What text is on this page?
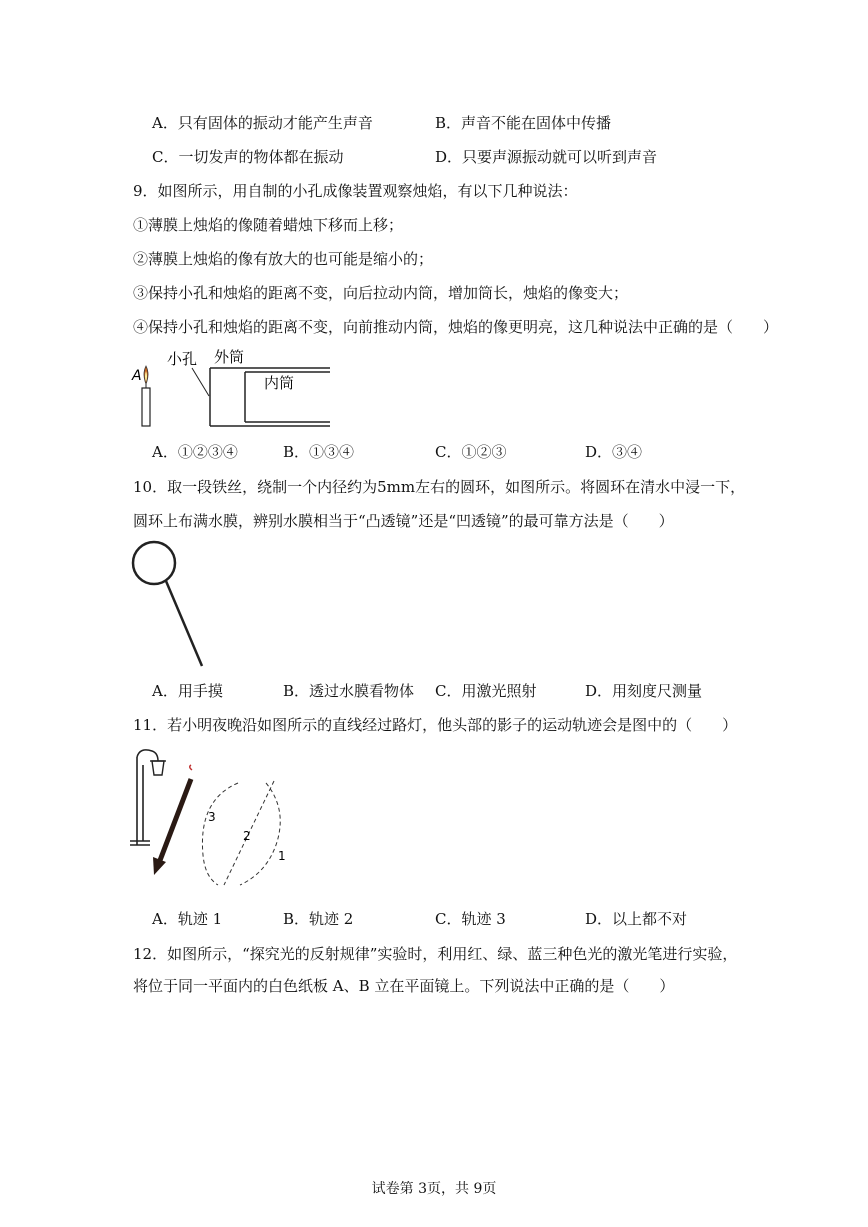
A．只有固体的振动才能产生声音	B．声音不能在固体中传播
C．一切发声的物体都在振动	D．只要声源振动就可以听到声音
9．如图所示，用自制的小孔成像装置观察烛焰，有以下几种说法：
①薄膜上烛焰的像随着蜡烛下移而上移；
②薄膜上烛焰的像有放大的也可能是缩小的；
③保持小孔和烛焰的距离不变，向后拉动内筒，增加筒长，烛焰的像变大；
④保持小孔和烛焰的距离不变，向前推动内筒，烛焰的像更明亮，这几种说法中正确的是（　　）
A
小孔 外筒
内筒
A．①②③④	B．①③④	C．①②③	D．③④
10．取一段铁丝，绕制一个内径约为5mm左右的圆环，如图所示。将圆环在清水中浸一下，
圆环上布满水膜，辨别水膜相当于“凸透镜”还是“凹透镜”的最可靠方法是（　　）
A．用手摸	B．透过水膜看物体 C．用激光照射	D．用刻度尺测量
11．若小明夜晚沿如图所示的直线经过路灯，他头部的影子的运动轨迹会是图中的（　　）
3
2
1
A．轨迹 1	B．轨迹 2	C．轨迹 3	D．以上都不对
12．如图所示，“探究光的反射规律”实验时，利用红、绿、蓝三种色光的激光笔进行实验，
将位于同一平面内的白色纸板 A、B 立在平面镜上。下列说法中正确的是（　　）
试卷第 3页，共 9页
